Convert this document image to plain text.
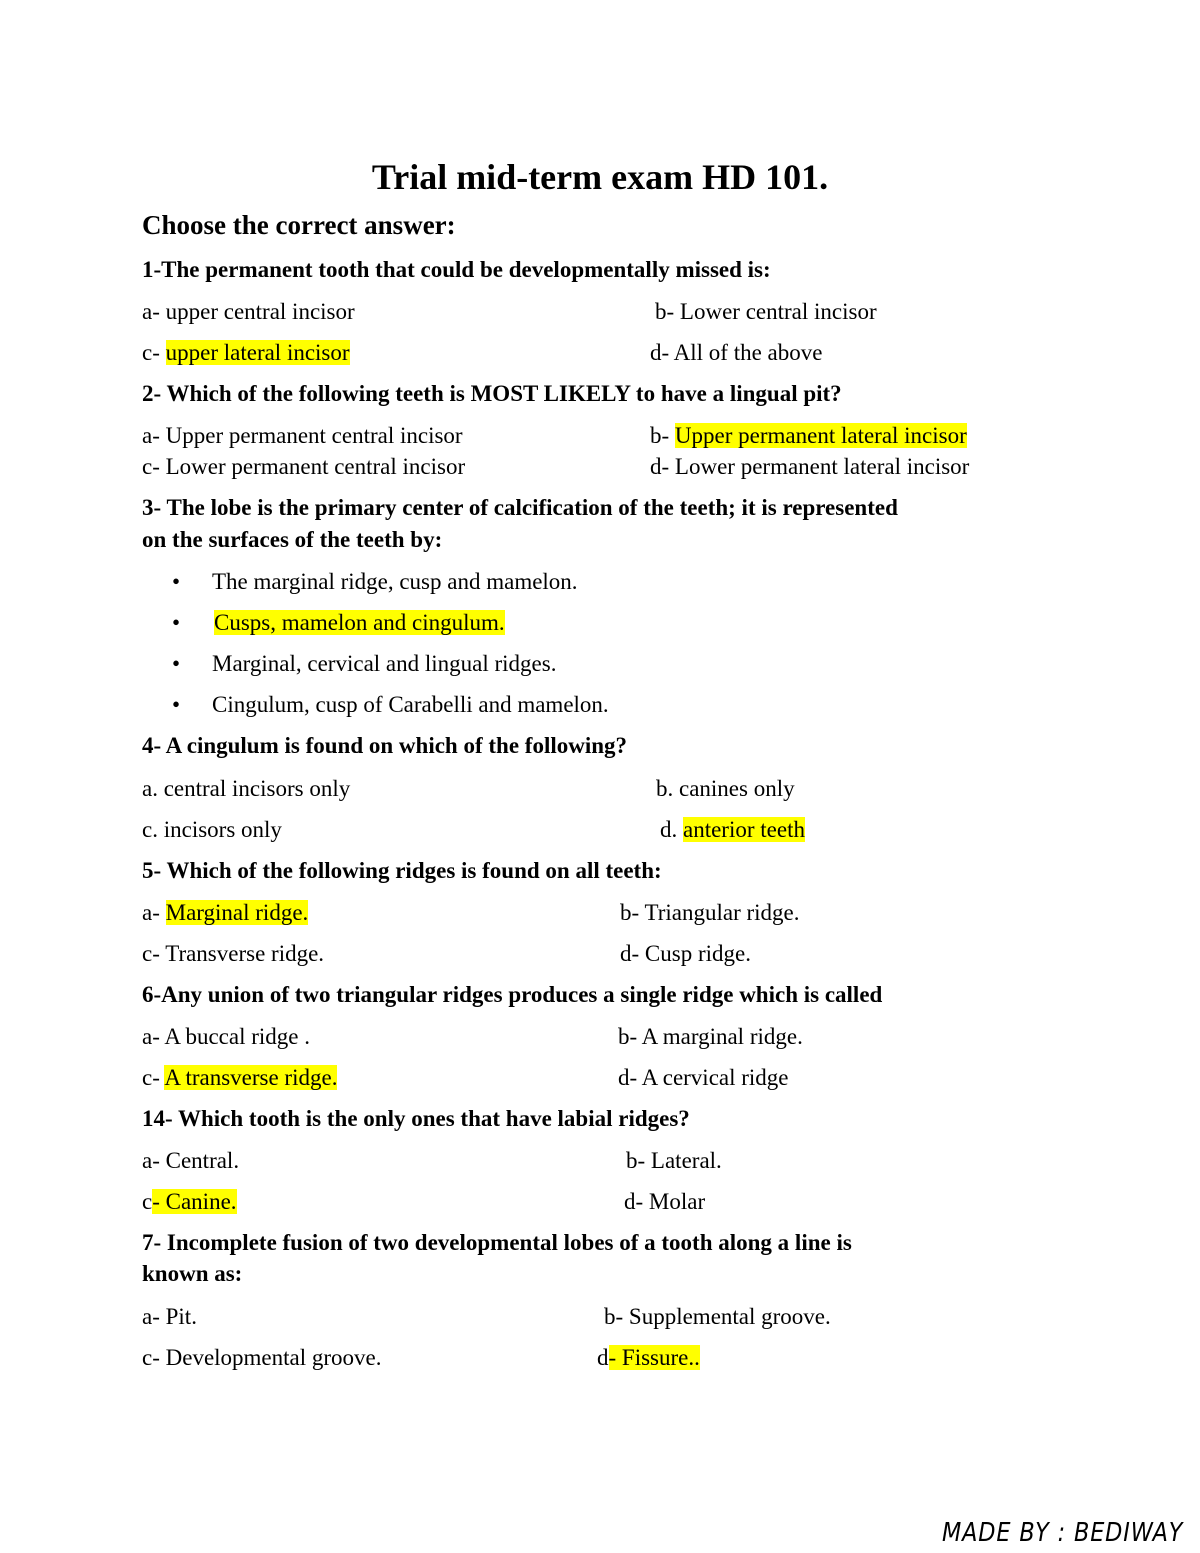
Trial mid-term exam HD 101.
Choose the correct answer:
1-The permanent tooth that could be developmentally missed is:
a- upper central incisor	b- Lower central incisor
c- upper lateral incisor	d- All of the above
2- Which of the following teeth is MOST LIKELY to have a lingual pit?
a- Upper permanent central incisor	b- Upper permanent lateral incisor
c- Lower permanent central incisor	d- Lower permanent lateral incisor
3- The lobe is the primary center of calcification of the teeth; it is represented
on the surfaces of the teeth by:
• The marginal ridge, cusp and mamelon.
• Cusps, mamelon and cingulum.
• Marginal, cervical and lingual ridges.
• Cingulum, cusp of Carabelli and mamelon.
4- A cingulum is found on which of the following?
a. central incisors only	b. canines only
c. incisors only	d. anterior teeth
5- Which of the following ridges is found on all teeth:
a- Marginal ridge.	b- Triangular ridge.
c- Transverse ridge.	d- Cusp ridge.
6-Any union of two triangular ridges produces a single ridge which is called
a- A buccal ridge .	b- A marginal ridge.
c- A transverse ridge.	d- A cervical ridge
14- Which tooth is the only ones that have labial ridges?
a- Central.	b- Lateral.
c- Canine.	d- Molar
7- Incomplete fusion of two developmental lobes of a tooth along a line is
known as:
a- Pit.	b- Supplemental groove.
c- Developmental groove.	d- Fissure..
MADE BY : BEDIWAY
